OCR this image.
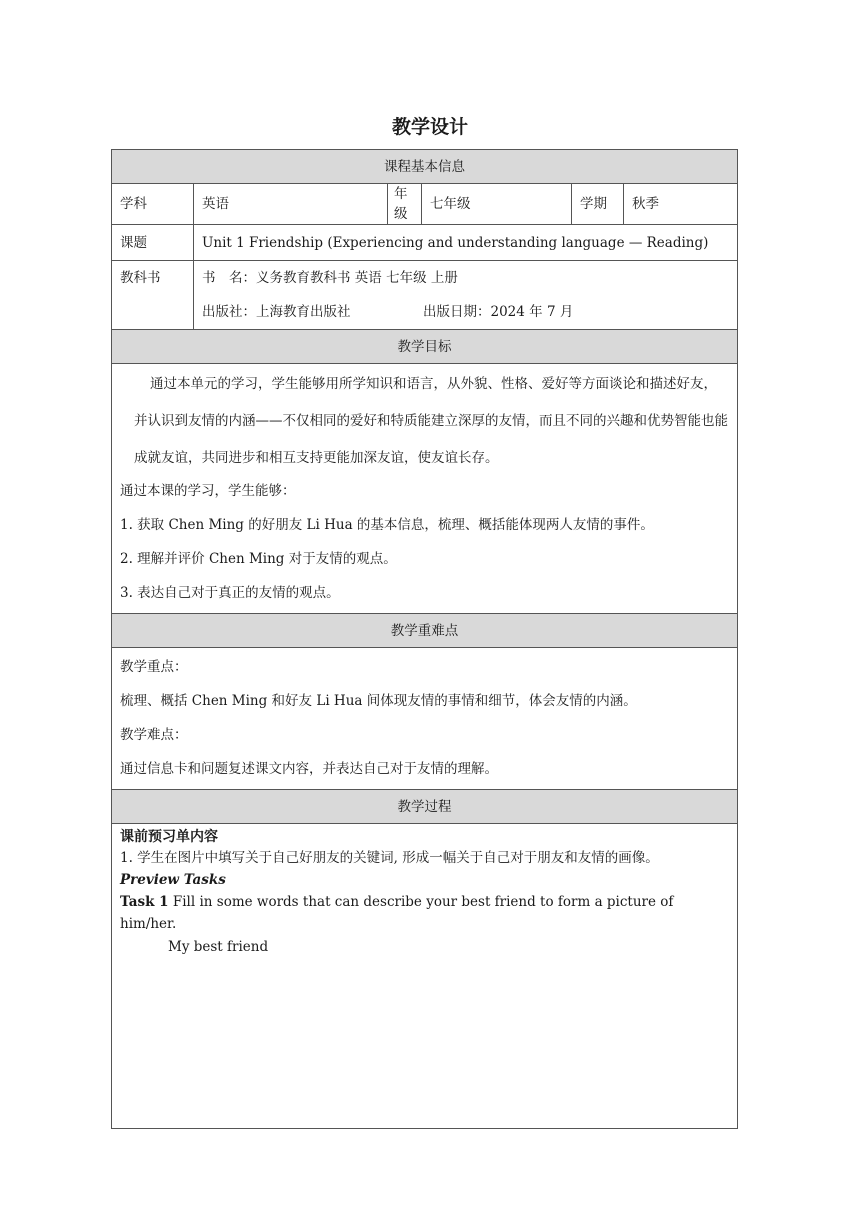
教学设计
课程基本信息					
学科	英语	年级	七年级	学期	秋季
课题	Unit 1 Friendship (Experiencing and understanding language — Reading)				
教科书	书　名：义务教育教科书 英语 七年级 上册
出版社：上海教育出版社 出版日期：2024 年 7 月				

教学目标					

通过本单元的学习，学生能够用所学知识和语言，从外貌、性格、爱好等方面谈论和描述好友，并认识到友情的内涵——不仅相同的爱好和特质能建立深厚的友情，而且不同的兴趣和优势智能也能成就友谊，共同进步和相互支持更能加深友谊，使友谊长存。
通过本课的学习，学生能够：
1. 获取 Chen Ming 的好朋友 Li Hua 的基本信息，梳理、概括能体现两人友情的事件。
2. 理解并评价 Chen Ming 对于友情的观点。
3. 表达自己对于真正的友情的观点。					

教学重难点					

教学重点：
梳理、概括 Chen Ming 和好友 Li Hua 间体现友情的事情和细节，体会友情的内涵。
教学难点：
通过信息卡和问题复述课文内容，并表达自己对于友情的理解。					

教学过程					

课前预习单内容
1. 学生在图片中填写关于自己好朋友的关键词, 形成一幅关于自己对于朋友和友情的画像。
Preview Tasks
Task 1 Fill in some words that can describe your best friend to form a picture of him/her.
My best friend					
